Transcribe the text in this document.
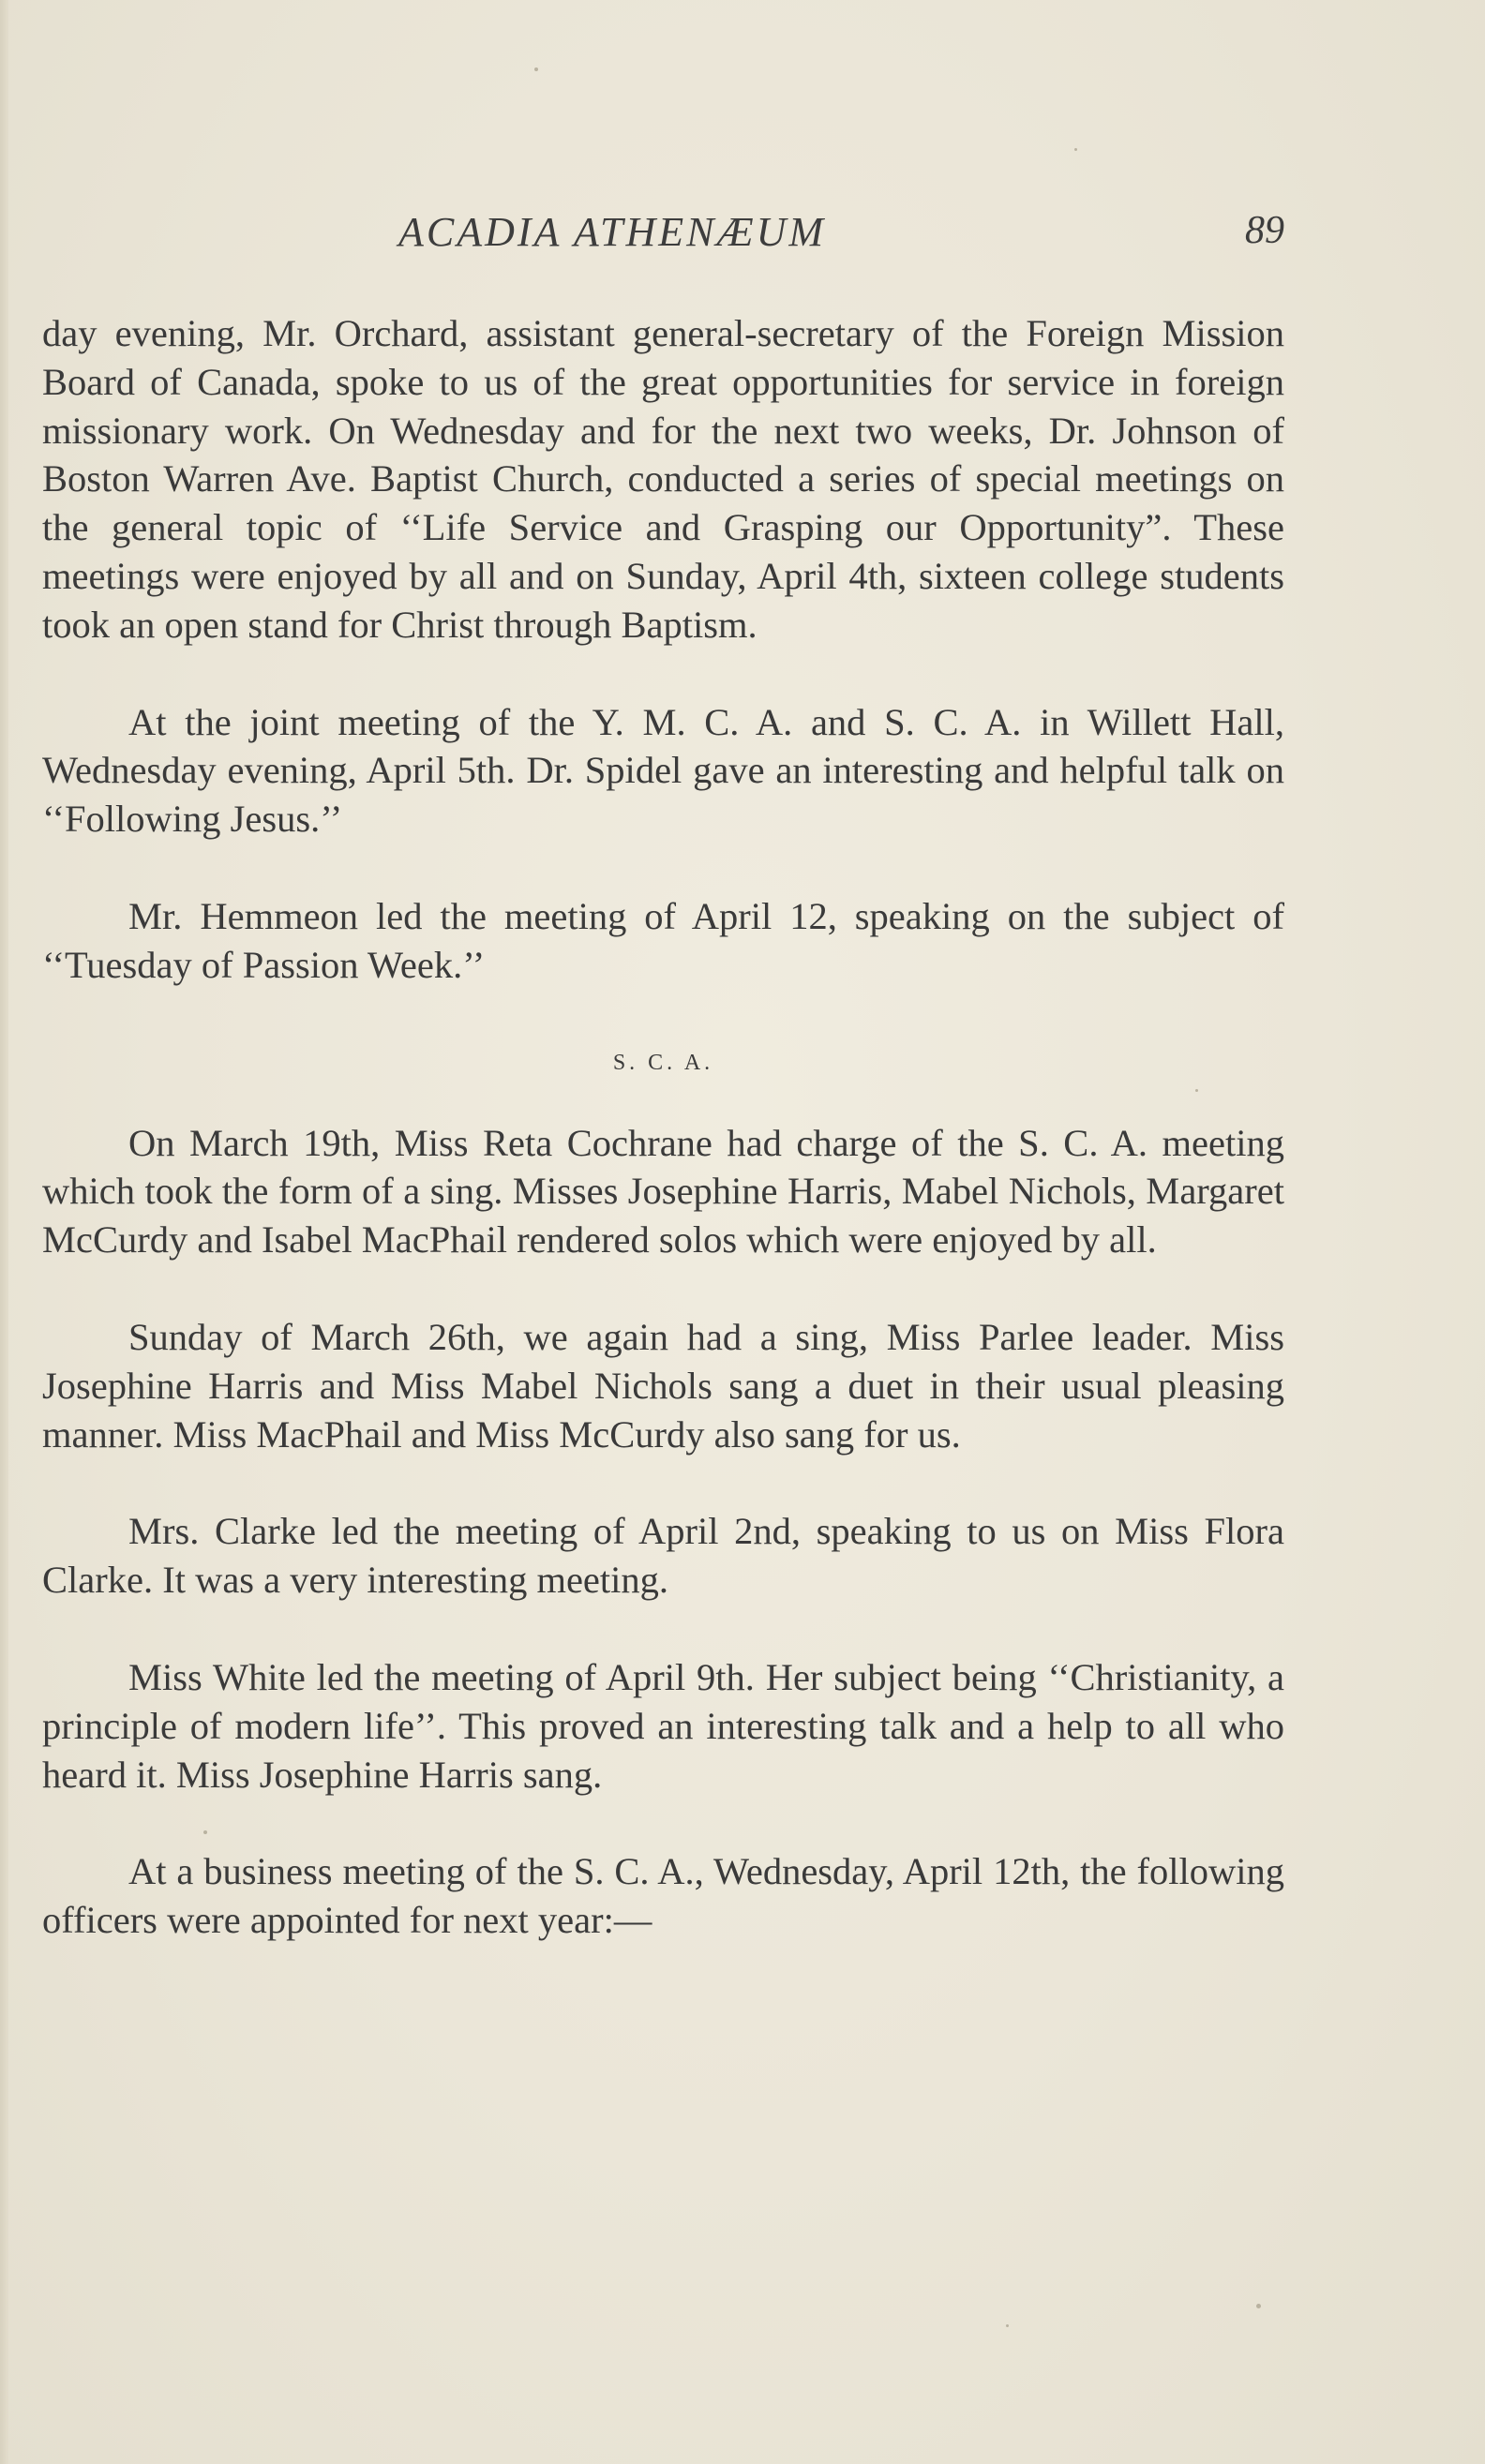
ACADIA ATHENÆUM	89

day evening, Mr. Orchard, assistant general-secretary of the Foreign Mission Board of Canada, spoke to us of the great opportunities for service in foreign missionary work. On Wednesday and for the next two weeks, Dr. Johnson of Boston Warren Ave. Baptist Church, conducted a series of special meetings on the general topic of ‘‘Life Service and Grasping our Opportunity”. These meetings were enjoyed by all and on Sunday, April 4th, sixteen college students took an open stand for Christ through Baptism.

At the joint meeting of the Y. M. C. A. and S. C. A. in Willett Hall, Wednesday evening, April 5th. Dr. Spidel gave an interesting and helpful talk on ‘‘Following Jesus.’’

Mr. Hemmeon led the meeting of April 12, speaking on the subject of ‘‘Tuesday of Passion Week.’’

S. C. A.

On March 19th, Miss Reta Cochrane had charge of the S. C. A. meeting which took the form of a sing. Misses Josephine Harris, Mabel Nichols, Margaret McCurdy and Isabel MacPhail rendered solos which were enjoyed by all.

Sunday of March 26th, we again had a sing, Miss Parlee leader. Miss Josephine Harris and Miss Mabel Nichols sang a duet in their usual pleasing manner. Miss MacPhail and Miss McCurdy also sang for us.

Mrs. Clarke led the meeting of April 2nd, speaking to us on Miss Flora Clarke. It was a very interesting meeting.

Miss White led the meeting of April 9th. Her subject being ‘‘Christianity, a principle of modern life’’. This proved an interesting talk and a help to all who heard it. Miss Josephine Harris sang.

At a business meeting of the S. C. A., Wednesday, April 12th, the following officers were appointed for next year:—
